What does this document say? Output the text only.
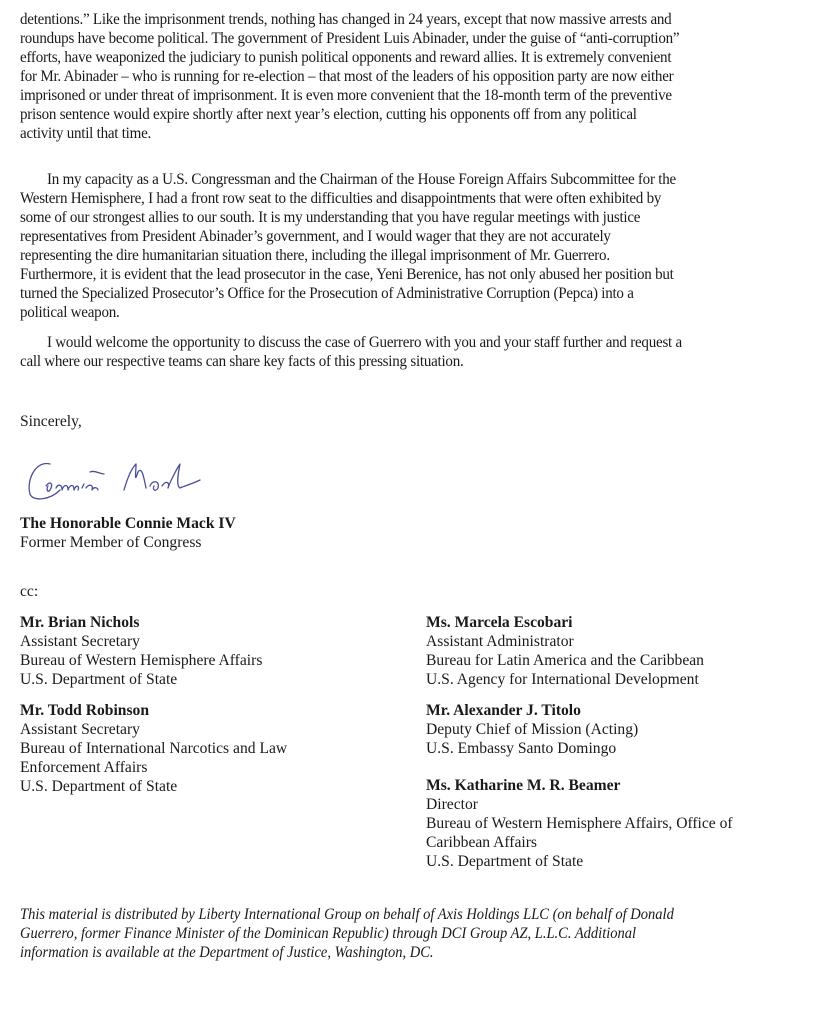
detentions.” Like the imprisonment trends, nothing has changed in 24 years, except that now massive arrests and
roundups have become political. The government of President Luis Abinader, under the guise of “anti-corruption”
efforts, have weaponized the judiciary to punish political opponents and reward allies. It is extremely convenient
for Mr. Abinader – who is running for re-election – that most of the leaders of his opposition party are now either
imprisoned or under threat of imprisonment. It is even more convenient that the 18-month term of the preventive
prison sentence would expire shortly after next year’s election, cutting his opponents off from any political
activity until that time.
In my capacity as a U.S. Congressman and the Chairman of the House Foreign Affairs Subcommittee for the
Western Hemisphere, I had a front row seat to the difficulties and disappointments that were often exhibited by
some of our strongest allies to our south. It is my understanding that you have regular meetings with justice
representatives from President Abinader’s government, and I would wager that they are not accurately
representing the dire humanitarian situation there, including the illegal imprisonment of Mr. Guerrero.
Furthermore, it is evident that the lead prosecutor in the case, Yeni Berenice, has not only abused her position but
turned the Specialized Prosecutor’s Office for the Prosecution of Administrative Corruption (Pepca) into a
political weapon.
I would welcome the opportunity to discuss the case of Guerrero with you and your staff further and request a
call where our respective teams can share key facts of this pressing situation.
Sincerely,
The Honorable Connie Mack IV
Former Member of Congress
cc:
Mr. Brian Nichols
Assistant Secretary
Bureau of Western Hemisphere Affairs
U.S. Department of State
Mr. Todd Robinson
Assistant Secretary
Bureau of International Narcotics and Law
Enforcement Affairs
U.S. Department of State
Ms. Marcela Escobari
Assistant Administrator
Bureau for Latin America and the Caribbean
U.S. Agency for International Development
Mr. Alexander J. Titolo
Deputy Chief of Mission (Acting)
U.S. Embassy Santo Domingo
Ms. Katharine M. R. Beamer
Director
Bureau of Western Hemisphere Affairs, Office of
Caribbean Affairs
U.S. Department of State
This material is distributed by Liberty International Group on behalf of Axis Holdings LLC (on behalf of Donald
Guerrero, former Finance Minister of the Dominican Republic) through DCI Group AZ, L.L.C. Additional
information is available at the Department of Justice, Washington, DC.
